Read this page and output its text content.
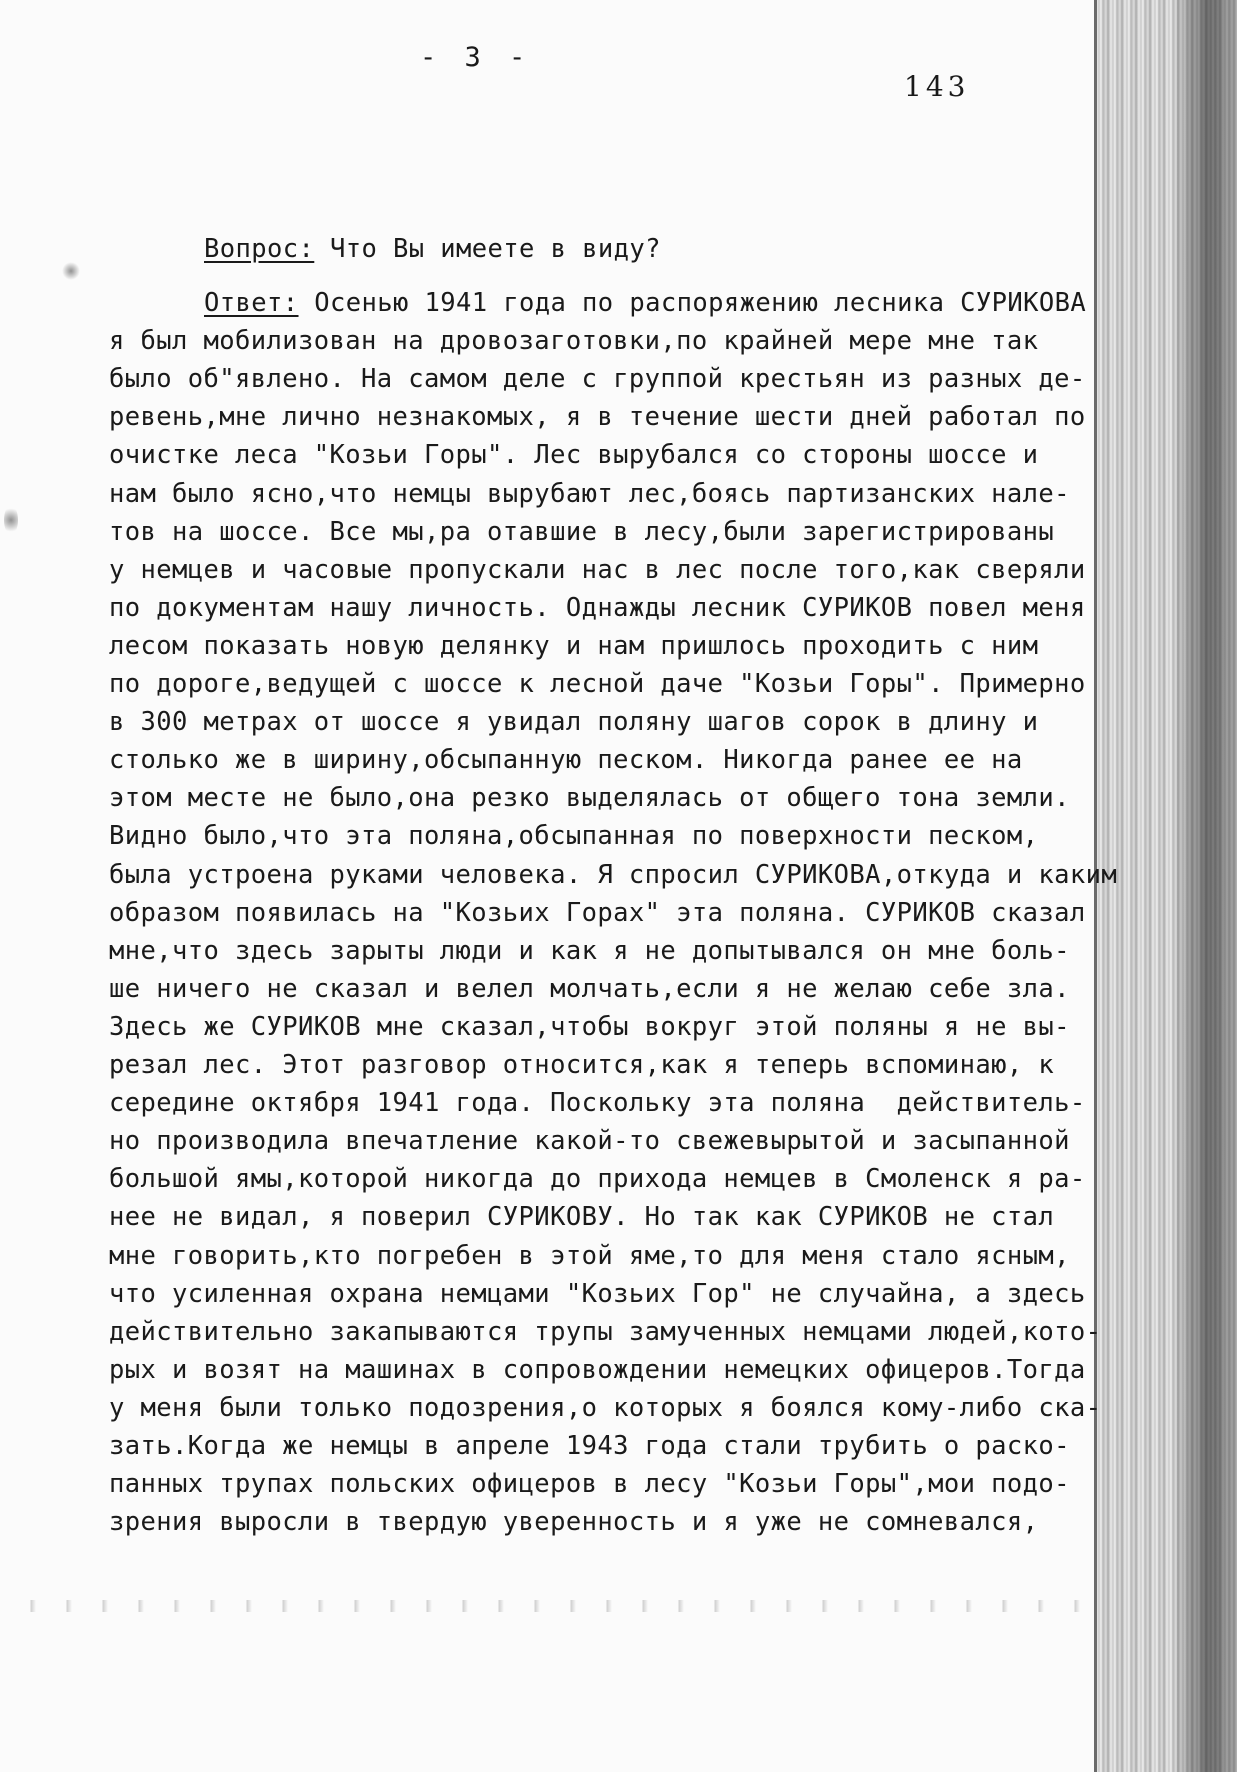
- 3 -
143
Вопрос: Что Вы имеете в виду?
Ответ: Осенью 1941 года по распоряжению лесника СУРИКОВА
я был мобилизован на дровозаготовки,по крайней мере мне так
было об"явлено. На самом деле с группой крестьян из разных де-
ревень,мне лично незнакомых, я в течение шести дней работал по
очистке леса "Козьи Горы". Лес вырубался со стороны шоссе и
нам было ясно,что немцы вырубают лес,боясь партизанских нале-
тов на шоссе. Все мы,ра отавшие в лесу,были зарегистрированы
у немцев и часовые пропускали нас в лес после того,как сверяли
по документам нашу личность. Однажды лесник СУРИКОВ повел меня
лесом показать новую делянку и нам пришлось проходить с ним
по дороге,ведущей с шоссе к лесной даче "Козьи Горы". Примерно
в 300 метрах от шоссе я увидал поляну шагов сорок в длину и
столько же в ширину,обсыпанную песком. Никогда ранее ее на
этом месте не было,она резко выделялась от общего тона земли.
Видно было,что эта поляна,обсыпанная по поверхности песком,
была устроена руками человека. Я спросил СУРИКОВА,откуда и каким
образом появилась на "Козьих Горах" эта поляна. СУРИКОВ сказал
мне,что здесь зарыты люди и как я не допытывался он мне боль-
ше ничего не сказал и велел молчать,если я не желаю себе зла.
Здесь же СУРИКОВ мне сказал,чтобы вокруг этой поляны я не вы-
резал лес. Этот разговор относится,как я теперь вспоминаю, к
середине октября 1941 года. Поскольку эта поляна  действитель-
но производила впечатление какой-то свежевырытой и засыпанной
большой ямы,которой никогда до прихода немцев в Смоленск я ра-
нее не видал, я поверил СУРИКОВУ. Но так как СУРИКОВ не стал
мне говорить,кто погребен в этой яме,то для меня стало ясным,
что усиленная охрана немцами "Козьих Гор" не случайна, а здесь
действительно закапываются трупы замученных немцами людей,кото-
рых и возят на машинах в сопровождении немецких офицеров.Тогда
у меня были только подозрения,о которых я боялся кому-либо ска-
зать.Когда же немцы в апреле 1943 года стали трубить о раско-
панных трупах польских офицеров в лесу "Козьи Горы",мои подо-
зрения выросли в твердую уверенность и я уже не сомневался,
